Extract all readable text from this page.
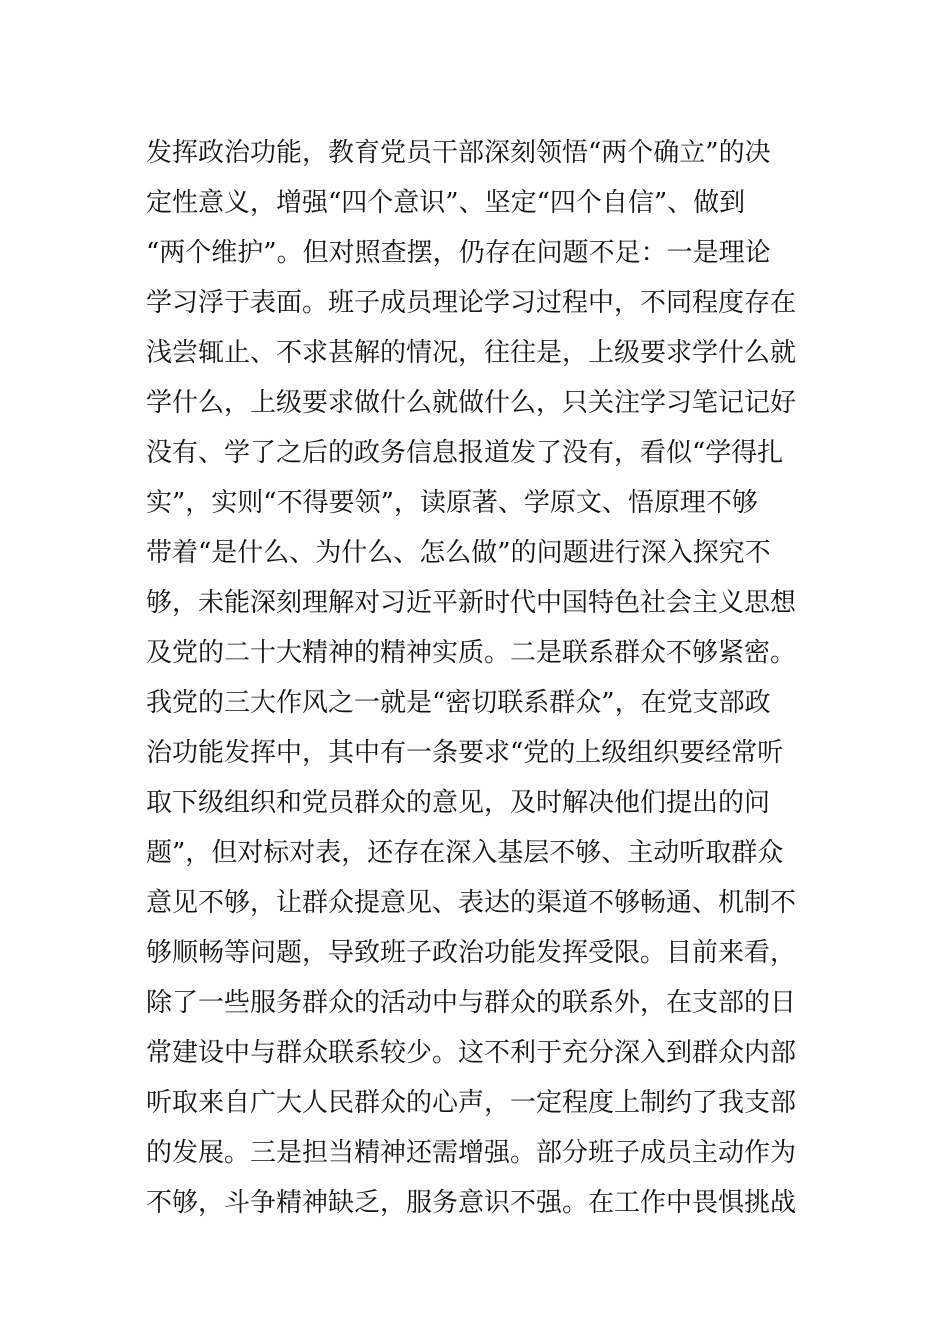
发挥政治功能，教育党员干部深刻领悟“两个确立”的决
定性意义，增强“四个意识”、坚定“四个自信”、做到
“两个维护”。但对照查摆，仍存在问题不足：一是理论
学习浮于表面。班子成员理论学习过程中，不同程度存在
浅尝辄止、不求甚解的情况，往往是，上级要求学什么就
学什么，上级要求做什么就做什么，只关注学习笔记记好
没有、学了之后的政务信息报道发了没有，看似“学得扎
实”，实则“不得要领”，读原著、学原文、悟原理不够
带着“是什么、为什么、怎么做”的问题进行深入探究不
够，未能深刻理解对习近平新时代中国特色社会主义思想
及党的二十大精神的精神实质。二是联系群众不够紧密。
我党的三大作风之一就是“密切联系群众”，在党支部政
治功能发挥中，其中有一条要求“党的上级组织要经常听
取下级组织和党员群众的意见，及时解决他们提出的问
题”，但对标对表，还存在深入基层不够、主动听取群众
意见不够，让群众提意见、表达的渠道不够畅通、机制不
够顺畅等问题，导致班子政治功能发挥受限。目前来看，
除了一些服务群众的活动中与群众的联系外，在支部的日
常建设中与群众联系较少。这不利于充分深入到群众内部
听取来自广大人民群众的心声，一定程度上制约了我支部
的发展。三是担当精神还需增强。部分班子成员主动作为
不够，斗争精神缺乏，服务意识不强。在工作中畏惧挑战
